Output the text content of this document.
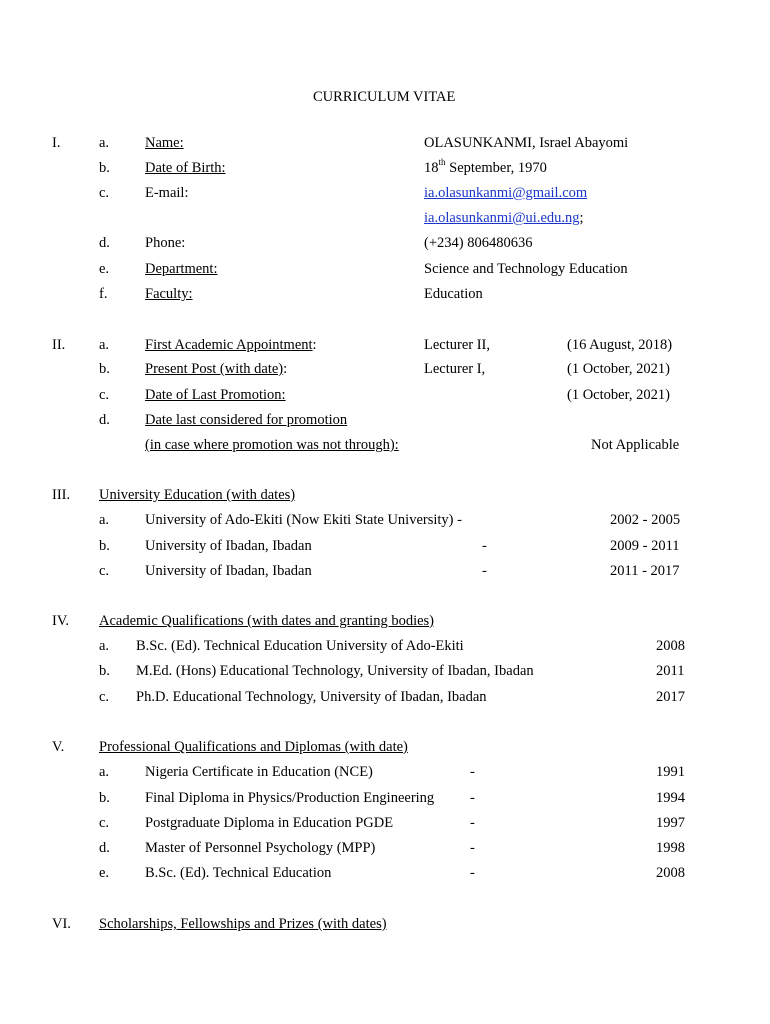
CURRICULUM VITAE
I.	a. Name:	OLASUNKANMI, Israel Abayomi
b. Date of Birth:	18th September, 1970
c. E-mail:	ia.olasunkanmi@gmail.com
ia.olasunkanmi@ui.edu.ng;
d. Phone:	(+234) 806480636
e. Department:	Science and Technology Education
f.	Faculty:	Education
II. a. First Academic Appointment:	Lecturer II,	(16 August, 2018)
b. Present Post (with date):	Lecturer I,	(1 October, 2021)
c. Date of Last Promotion:	(1 October, 2021)
d. Date last considered for promotion
(in case where promotion was not through):	Not Applicable
III. University Education (with dates)
a. University of Ado-Ekiti (Now Ekiti State University) -	2002 - 2005
b. University of Ibadan, Ibadan	-	2009 - 2011
c. University of Ibadan, Ibadan	-	2011 - 2017
IV. Academic Qualifications (with dates and granting bodies)
a. B.Sc. (Ed). Technical Education University of Ado-Ekiti	2008
b. M.Ed. (Hons) Educational Technology, University of Ibadan, Ibadan	2011
c. Ph.D. Educational Technology, University of Ibadan, Ibadan	2017
V. Professional Qualifications and Diplomas (with date)
a. Nigeria Certificate in Education (NCE)	-	1991
b. Final Diploma in Physics/Production Engineering -	1994
c. Postgraduate Diploma in Education PGDE	-	1997
d. Master of Personnel Psychology (MPP)	-	1998
e. B.Sc. (Ed). Technical Education	-	2008
VI. Scholarships, Fellowships and Prizes (with dates)
